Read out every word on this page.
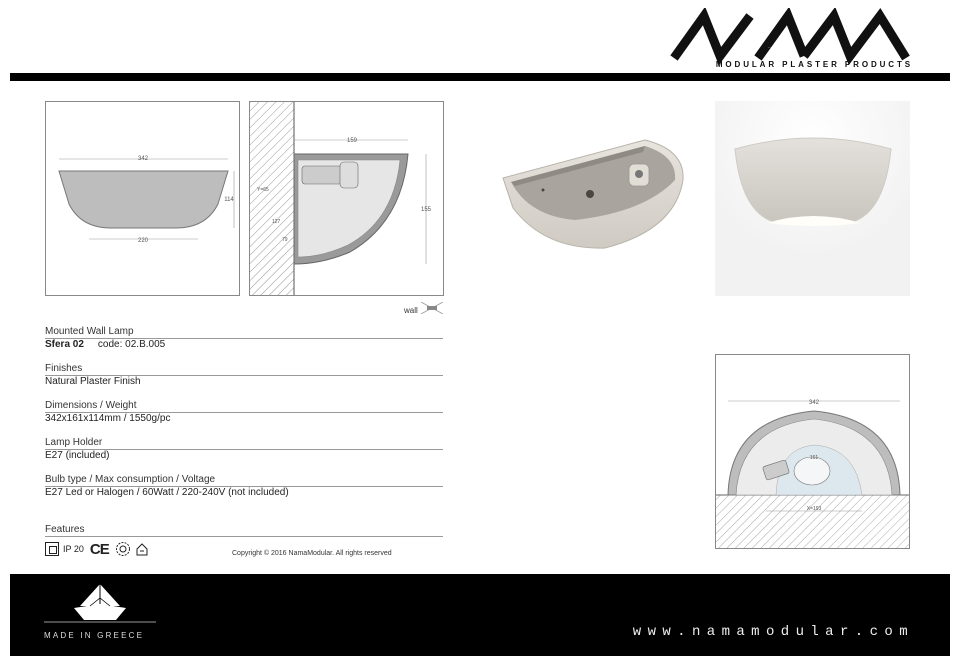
NAMA
MODULAR PLASTER PRODUCTS
342
220
114
159
155
Y=65
127
79
wall
342
161
X=193
Mounted Wall Lamp
Sfera 02 code: 02.B.005
Finishes
Natural Plaster Finish
Dimensions / Weight
342x161x114mm / 1550g/pc
Lamp Holder
E27 (included)
Bulb type / Max consumption / Voltage
E27 Led or Halogen / 60Watt / 220-240V (not included)
Features
IP 20 CE	Copyright © 2016 NamaModular. All rights reserved
MADE IN GREECE	www.namamodular.com
